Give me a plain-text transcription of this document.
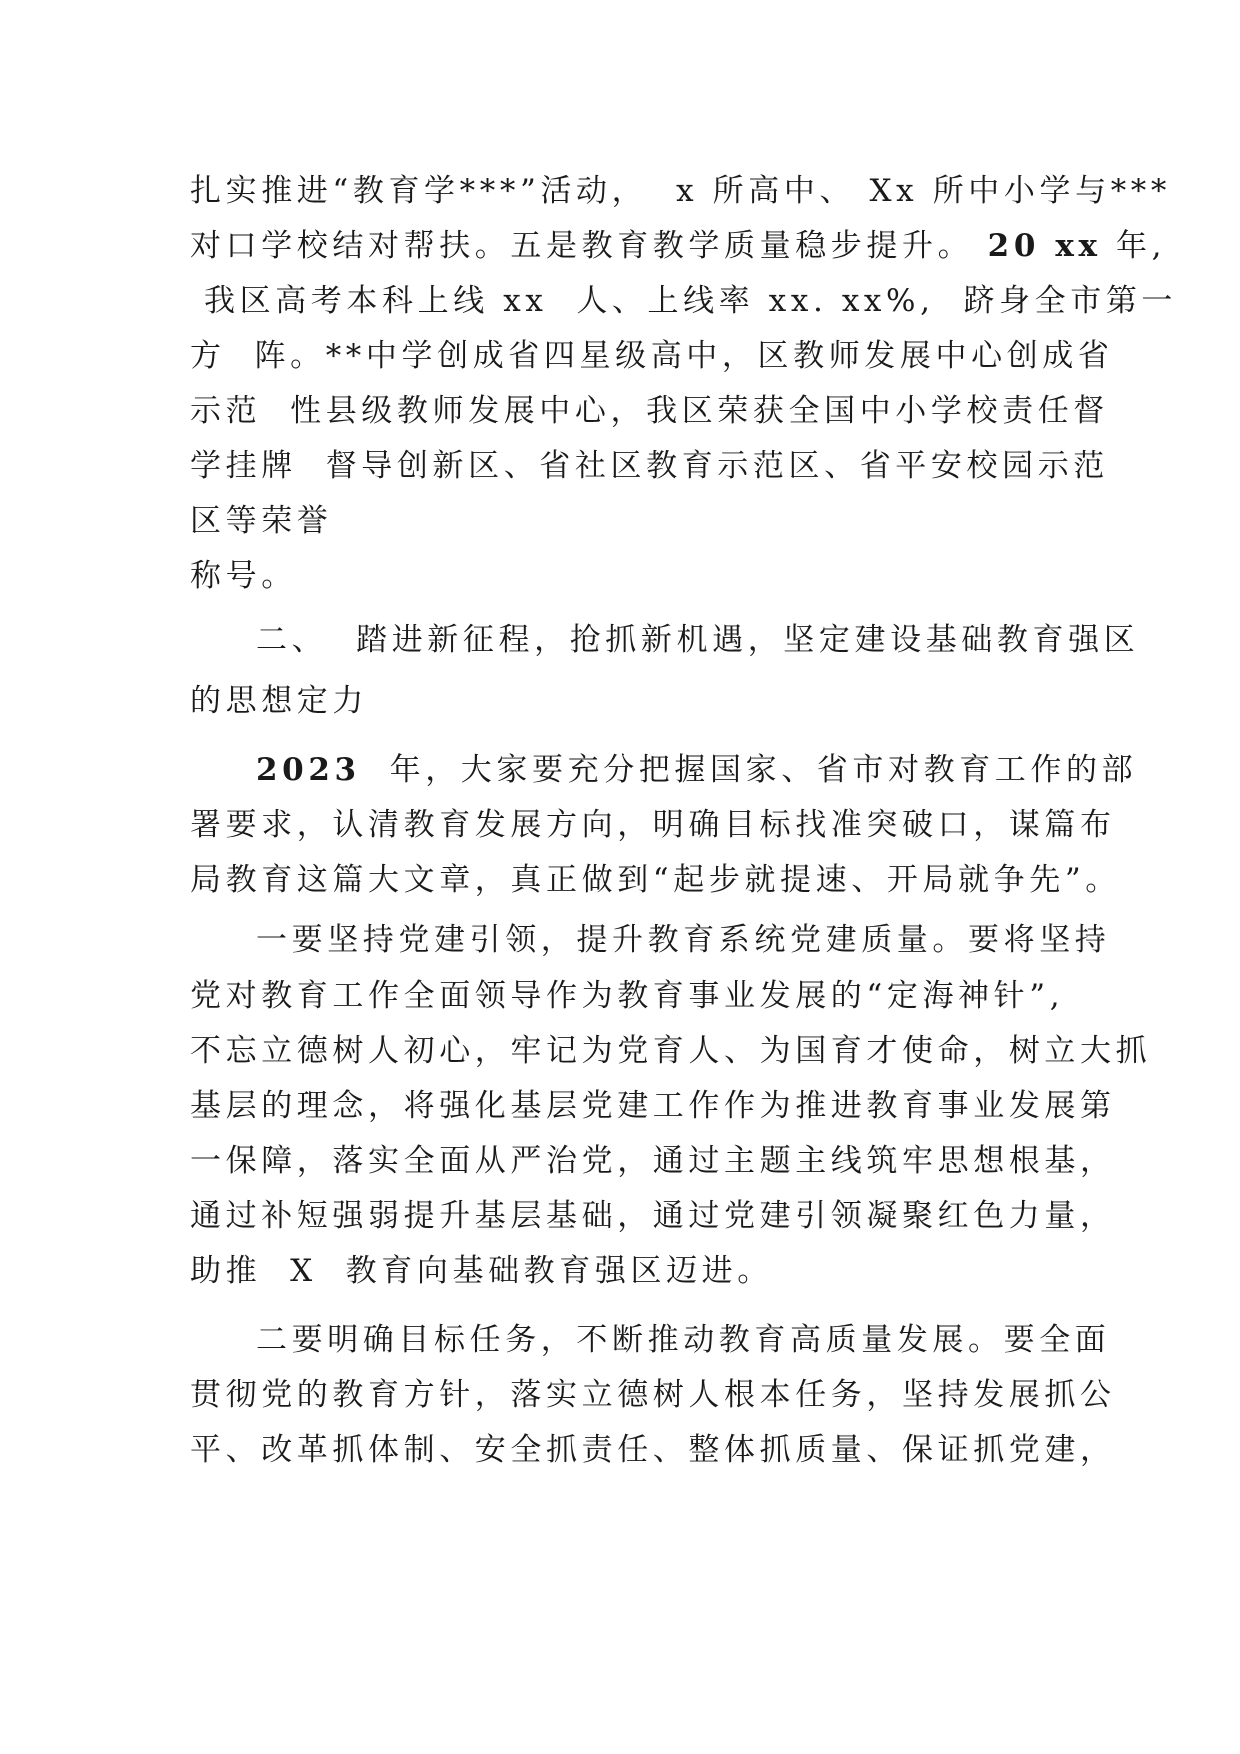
扎实推进“教育学***”活动，  x 所高中、 Xx 所中小学与***
对口学校结对帮扶。五是教育教学质量稳步提升。 20 xx 年,
我区高考本科上线 xx  人、上线率 xx. xx%,  跻身全市第一
方  阵。**中学创成省四星级高中，区教师发展中心创成省
示范  性县级教师发展中心，我区荣获全国中小学校责任督
学挂牌  督导创新区、省社区教育示范区、省平安校园示范
区等荣誉
称号。
二、  踏进新征程，抢抓新机遇，坚定建设基础教育强区
的思想定力
2023  年，大家要充分把握国家、省市对教育工作的部
署要求，认清教育发展方向，明确目标找准突破口，谋篇布
局教育这篇大文章，真正做到“起步就提速、开局就争先”。
一要坚持党建引领，提升教育系统党建质量。要将坚持
党对教育工作全面领导作为教育事业发展的“定海神针”,
不忘立德树人初心，牢记为党育人、为国育才使命，树立大抓
基层的理念，将强化基层党建工作作为推进教育事业发展第
一保障，落实全面从严治党，通过主题主线筑牢思想根基，
通过补短强弱提升基层基础，通过党建引领凝聚红色力量，
助推  X  教育向基础教育强区迈进。
二要明确目标任务，不断推动教育高质量发展。要全面
贯彻党的教育方针，落实立德树人根本任务，坚持发展抓公
平、改革抓体制、安全抓责任、整体抓质量、保证抓党建，
